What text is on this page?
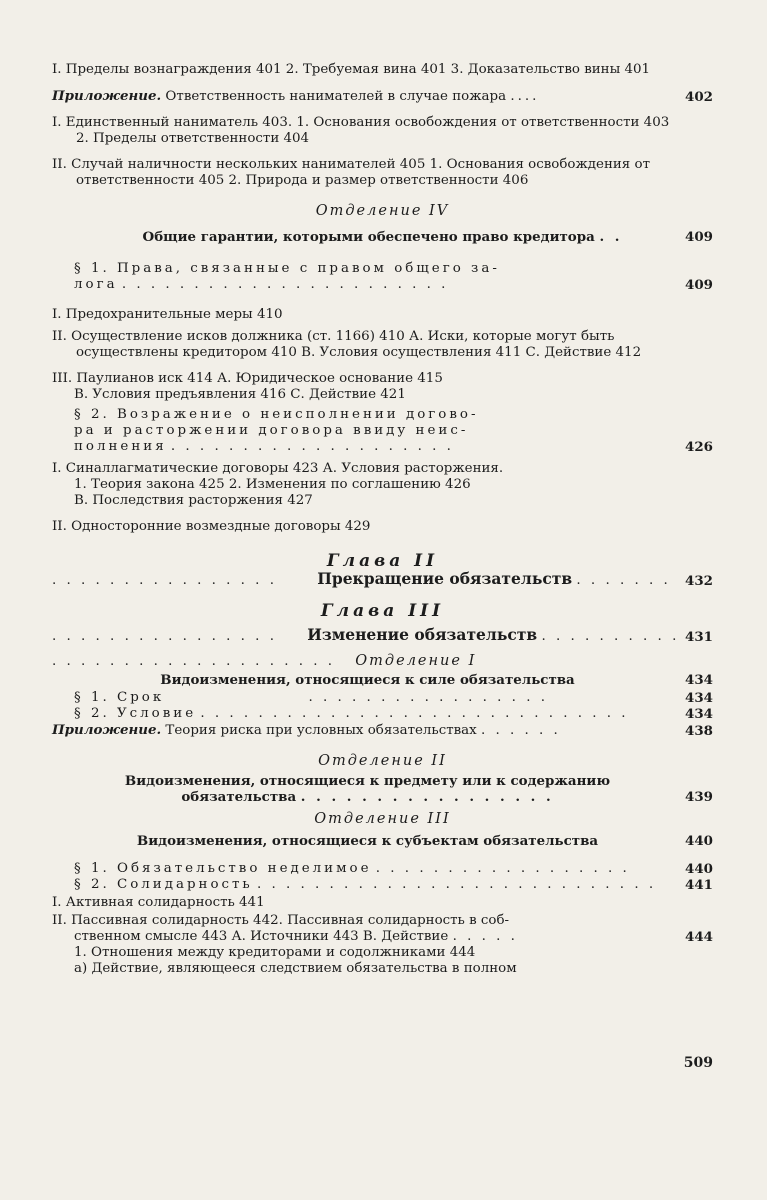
I. Пределы вознаграждения 401 2. Требуемая вина 401 3. Доказательство вины 401
Приложение. Ответственность нанимателей в случае пожара ....	402
I. Единственный наниматель 403. 1. Основания освобождения от ответственности 403 2. Пределы ответственности 404
II. Случай наличности нескольких нанимателей 405 1. Основания освобождения от ответственности 405 2. Природа и размер ответственности 406
Отделение IV
Общие гарантии, которыми обеспечено право кредитора . .	409
§ 1. Права, связанные с правом общего за-
лога . . . . . . . . . . . . . . . . . . . . . . .	409
I. Предохранительные меры 410
II. Осуществление исков должника (ст. 1166) 410 А. Иски, которые могут быть осуществлены кредитором 410 В. Условия осуществления 411 С. Действие 412
III. Паулианов иск 414 А. Юридическое основание 415
В. Условия предъявления 416 С. Действие 421
§ 2. Возражение о неисполнении догово-
ра и расторжении договора ввиду неис-
полнения . . . . . . . . . . . . . . . . . . . .	426
I. Синаллагматические договоры 423 А. Условия расторжения.
1. Теория закона 425 2. Изменения по соглашению 426
В. Последствия расторжения 427
II. Односторонние возмездные договоры 429
Глава II
. . . . . . . . . . . . . . . .	Прекращение обязательств . . . . . . . 432
Глава III
. . . . . . . . . . . . . . . . Изменение обязательств . . . . . . . . . . 431
. . . . . . . . . . . . . . . . . . . . Отделение I
Видоизменения, относящиеся к силе обязательства	434
§ 1. Срок	. . . . . . . . . . . . . . . . .	434
§ 2. Условие . . . . . . . . . . . . . . . . . . . . . . . . . . . . . .	434
Приложение. Теория риска при условных обязательствах . . . . . .	438
Отделение II
Видоизменения, относящиеся к предмету или к содержанию
обязательства . . . . . . . . . . . . . . . . .	439
Отделение III
Видоизменения, относящиеся к субъектам обязательства	440
§ 1. Обязательство неделимое . . . . . . . . . . . . . . . . . .	440
§ 2. Солидарность . . . . . . . . . . . . . . . . . . . . . . . . . . . . 441
I. Активная солидарность 441
II. Пассивная солидарность 442. Пассивная солидарность в соб-
ственном смысле 443 А. Источники 443 В. Действие . . . . .	444
1. Отношения между кредиторами и содолжниками 444
а) Действие, являющееся следствием обязательства в полном
509
